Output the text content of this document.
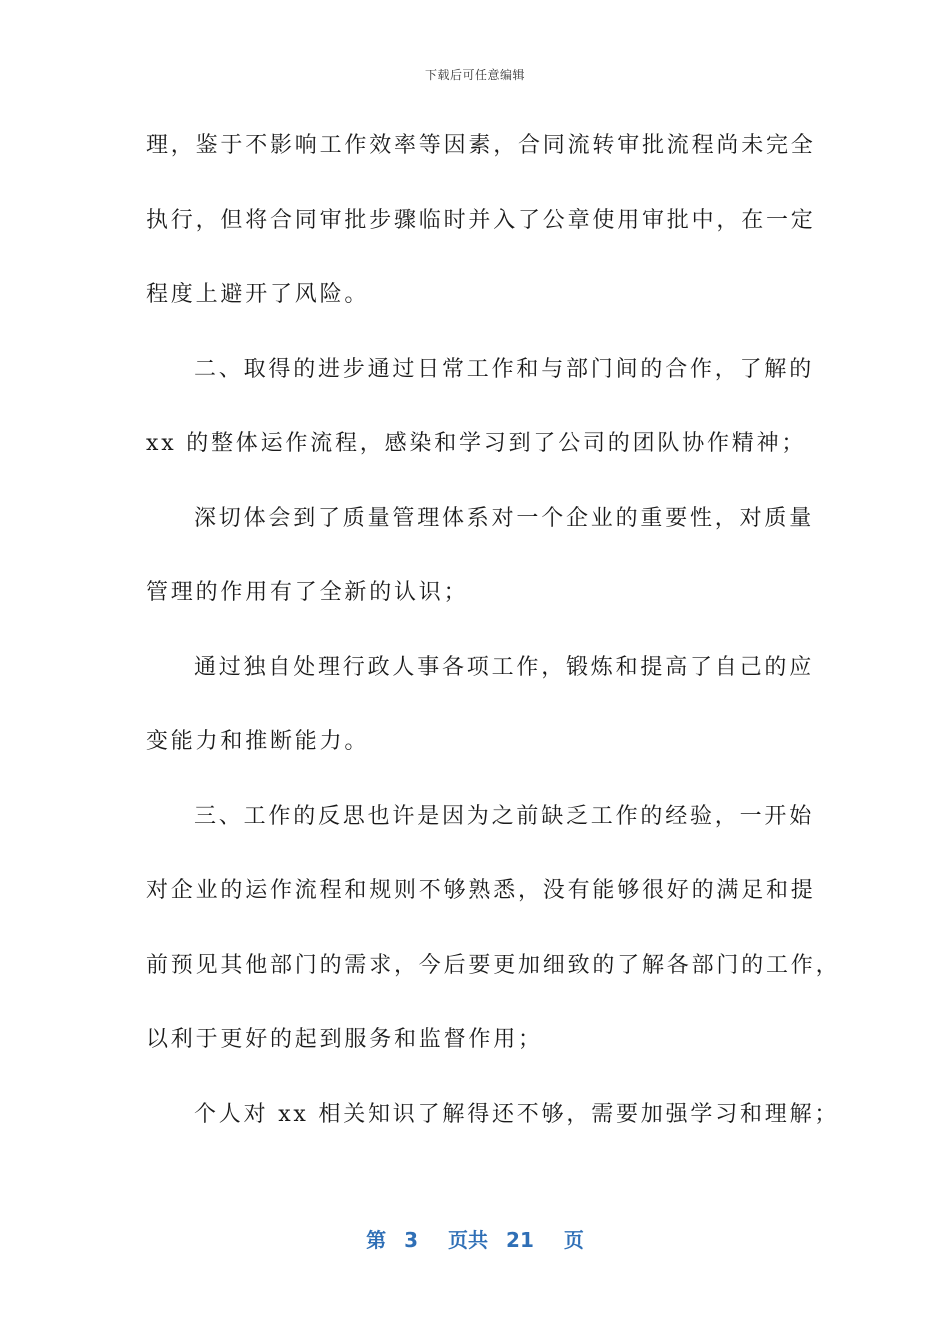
下载后可任意编辑
理，鉴于不影响工作效率等因素，合同流转审批流程尚未完全
执行，但将合同审批步骤临时并入了公章使用审批中，在一定
程度上避开了风险。
二、取得的进步通过日常工作和与部门间的合作，了解的
xx 的整体运作流程，感染和学习到了公司的团队协作精神；
深切体会到了质量管理体系对一个企业的重要性，对质量
管理的作用有了全新的认识；
通过独自处理行政人事各项工作，锻炼和提高了自己的应
变能力和推断能力。
三、工作的反思也许是因为之前缺乏工作的经验，一开始
对企业的运作流程和规则不够熟悉，没有能够很好的满足和提
前预见其他部门的需求，今后要更加细致的了解各部门的工作，
以利于更好的起到服务和监督作用；
个人对 xx 相关知识了解得还不够，需要加强学习和理解；
第 3 页共 21 页
